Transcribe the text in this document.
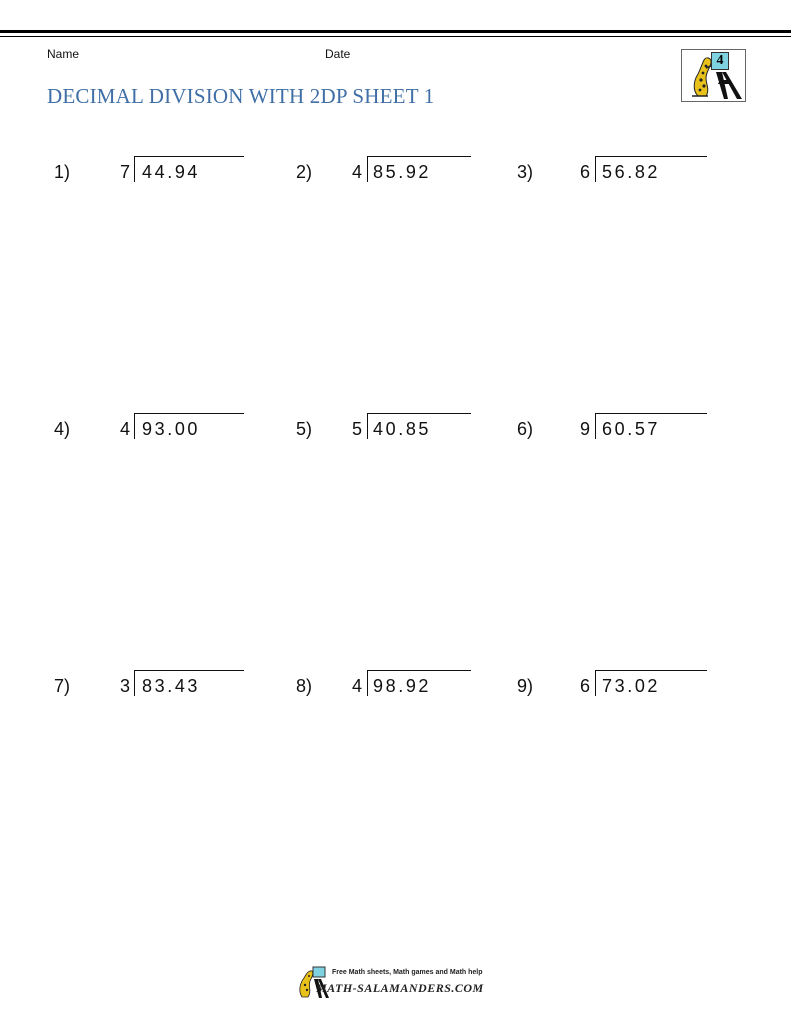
Name	Date
DECIMAL DIVISION WITH 2DP SHEET 1
4
1)	7 44.94	2) 4 85.92	3)	6 56.82
4)	4 93.00	5) 5 40.85	6)	9 60.57
7)	3 83.43	8) 4 98.92	9)	6 73.02
Free Math sheets, Math games and Math help
MATH-SALAMANDERS.COM
